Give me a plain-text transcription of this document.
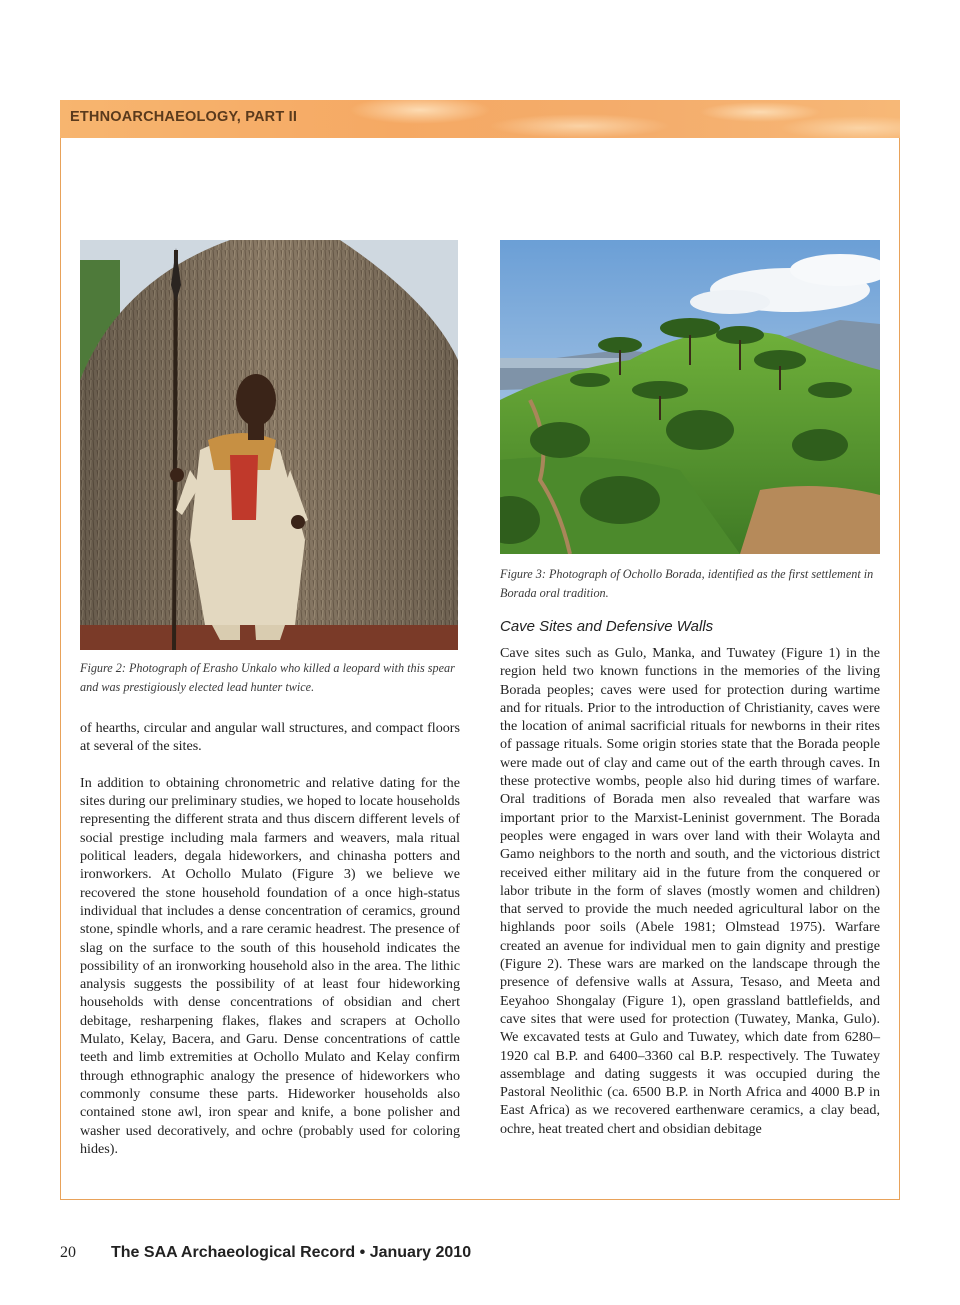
ETHNOARCHAEOLOGY, PART II
Figure 2: Photograph of Erasho Unkalo who killed a leopard with this spear and was prestigiously elected lead hunter twice.
Figure 3: Photograph of Ochollo Borada, identified as the first settlement in Borada oral tradition.
Cave Sites and Defensive Walls

of hearths, circular and angular wall structures, and compact floors at several of the sites.

In addition to obtaining chronometric and relative dating for the sites during our preliminary studies, we hoped to locate households representing the different strata and thus discern different levels of social prestige including mala farmers and weavers, mala ritual political leaders, degala hideworkers, and chinasha potters and ironworkers. At Ochollo Mulato (Figure 3) we believe we recovered the stone household foundation of a once high-status individual that includes a dense concentration of ceramics, ground stone, spindle whorls, and a rare ceramic headrest. The presence of slag on the surface to the south of this household indicates the possibility of an ironworking household also in the area. The lithic analysis suggests the possibility of at least four hideworking households with dense concentrations of obsidian and chert debitage, resharpening flakes, flakes and scrapers at Ochollo Mulato, Kelay, Bacera, and Garu. Dense concentrations of cattle teeth and limb extremities at Ochollo Mulato and Kelay confirm through ethnographic analogy the presence of hideworkers who commonly consume these parts. Hideworker households also contained stone awl, iron spear and knife, a bone polisher and washer used decoratively, and ochre (probably used for coloring hides).

Cave sites such as Gulo, Manka, and Tuwatey (Figure 1) in the region held two known functions in the memories of the living Borada peoples; caves were used for protection during wartime and for rituals. Prior to the introduction of Christianity, caves were the location of animal sacrificial rituals for newborns in their rites of passage rituals. Some origin stories state that the Borada people were made out of clay and came out of the earth through caves. In these protective wombs, people also hid during times of warfare. Oral traditions of Borada men also revealed that warfare was important prior to the Marxist-Leninist government. The Borada peoples were engaged in wars over land with their Wolayta and Gamo neighbors to the north and south, and the victorious district received either military aid in the future from the conquered or labor tribute in the form of slaves (mostly women and children) that served to provide the much needed agricultural labor on the highlands poor soils (Abele 1981; Olmstead 1975). Warfare created an avenue for individual men to gain dignity and prestige (Figure 2). These wars are marked on the landscape through the presence of defensive walls at Assura, Tesaso, and Meeta and Eeyahoo Shongalay (Figure 1), open grassland battlefields, and cave sites that were used for protection (Tuwatey, Manka, Gulo). We excavated tests at Gulo and Tuwatey, which date from 6280–1920 cal B.P. and 6400–3360 cal B.P. respectively. The Tuwatey assemblage and dating suggests it was occupied during the Pastoral Neolithic (ca. 6500 B.P. in North Africa and 4000 B.P in East Africa) as we recovered earthenware ceramics, a clay bead, ochre, heat treated chert and obsidian debitage

20 The SAA Archaeological Record • January 2010
